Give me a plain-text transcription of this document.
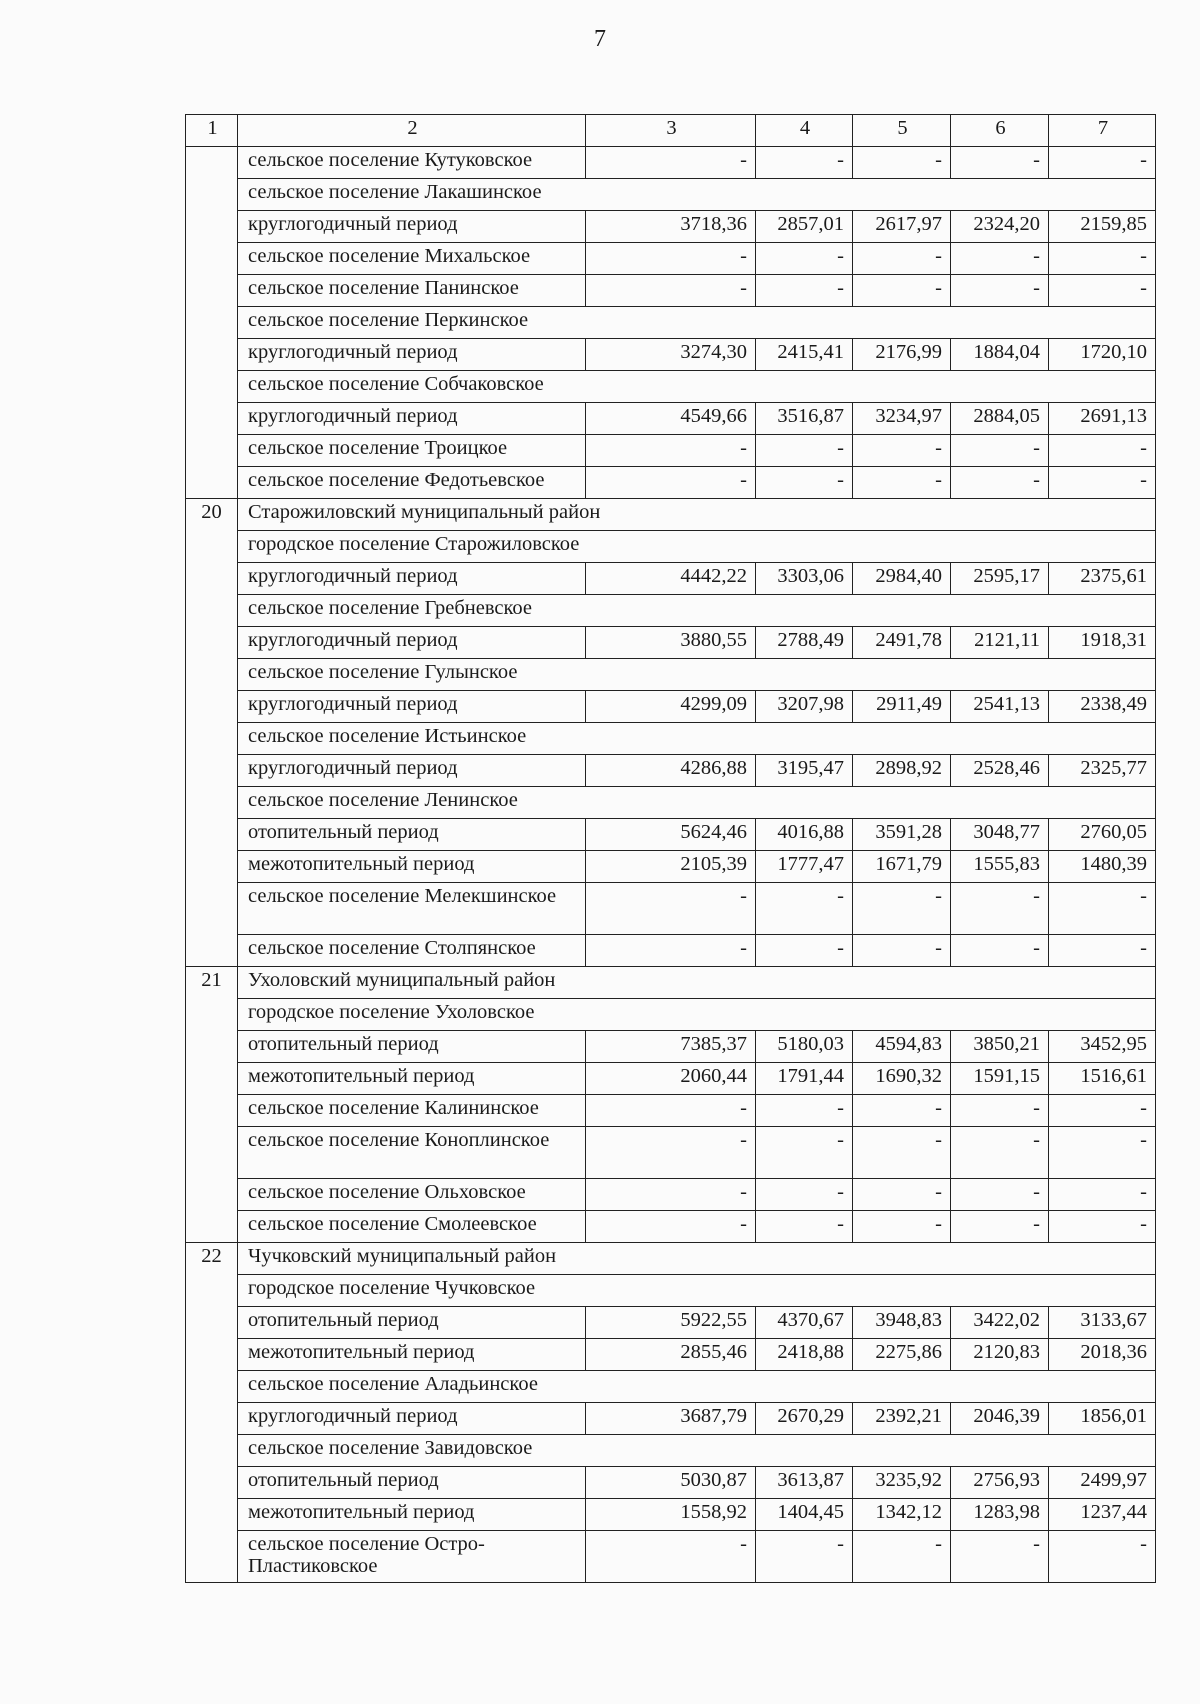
7
1	2	3	4	5	6	7
	сельское поселение Кутуковское	-	-	-	-	-
	сельское поселение Лакашинское					
	круглогодичный период	3718,36	2857,01	2617,97	2324,20	2159,85
	сельское поселение Михальское	-	-	-	-	-
	сельское поселение Панинское	-	-	-	-	-
	сельское поселение Перкинское					
	круглогодичный период	3274,30	2415,41	2176,99	1884,04	1720,10
	сельское поселение Собчаковское					
	круглогодичный период	4549,66	3516,87	3234,97	2884,05	2691,13
	сельское поселение Троицкое	-	-	-	-	-
	сельское поселение Федотьевское	-	-	-	-	-
20	Старожиловский муниципальный район					
	городское поселение Старожиловское					
	круглогодичный период	4442,22	3303,06	2984,40	2595,17	2375,61
	сельское поселение Гребневское					
	круглогодичный период	3880,55	2788,49	2491,78	2121,11	1918,31
	сельское поселение Гулынское					
	круглогодичный период	4299,09	3207,98	2911,49	2541,13	2338,49
	сельское поселение Истьинское					
	круглогодичный период	4286,88	3195,47	2898,92	2528,46	2325,77
	сельское поселение Ленинское					
	отопительный период	5624,46	4016,88	3591,28	3048,77	2760,05
	межотопительный период	2105,39	1777,47	1671,79	1555,83	1480,39
	сельское поселение Мелекшинское	-	-	-	-	-
	сельское поселение Столпянское	-	-	-	-	-
21	Ухоловский муниципальный район					
	городское поселение Ухоловское					
	отопительный период	7385,37	5180,03	4594,83	3850,21	3452,95
	межотопительный период	2060,44	1791,44	1690,32	1591,15	1516,61
	сельское поселение Калининское	-	-	-	-	-
	сельское поселение Коноплинское	-	-	-	-	-
	сельское поселение Ольховское	-	-	-	-	-
	сельское поселение Смолеевское	-	-	-	-	-
22	Чучковский муниципальный район					
	городское поселение Чучковское					
	отопительный период	5922,55	4370,67	3948,83	3422,02	3133,67
	межотопительный период	2855,46	2418,88	2275,86	2120,83	2018,36
	сельское поселение Аладьинское					
	круглогодичный период	3687,79	2670,29	2392,21	2046,39	1856,01
	сельское поселение Завидовское					
	отопительный период	5030,87	3613,87	3235,92	2756,93	2499,97
	межотопительный период	1558,92	1404,45	1342,12	1283,98	1237,44
	сельское поселение Остро-Пластиковское	-	-	-	-	-
